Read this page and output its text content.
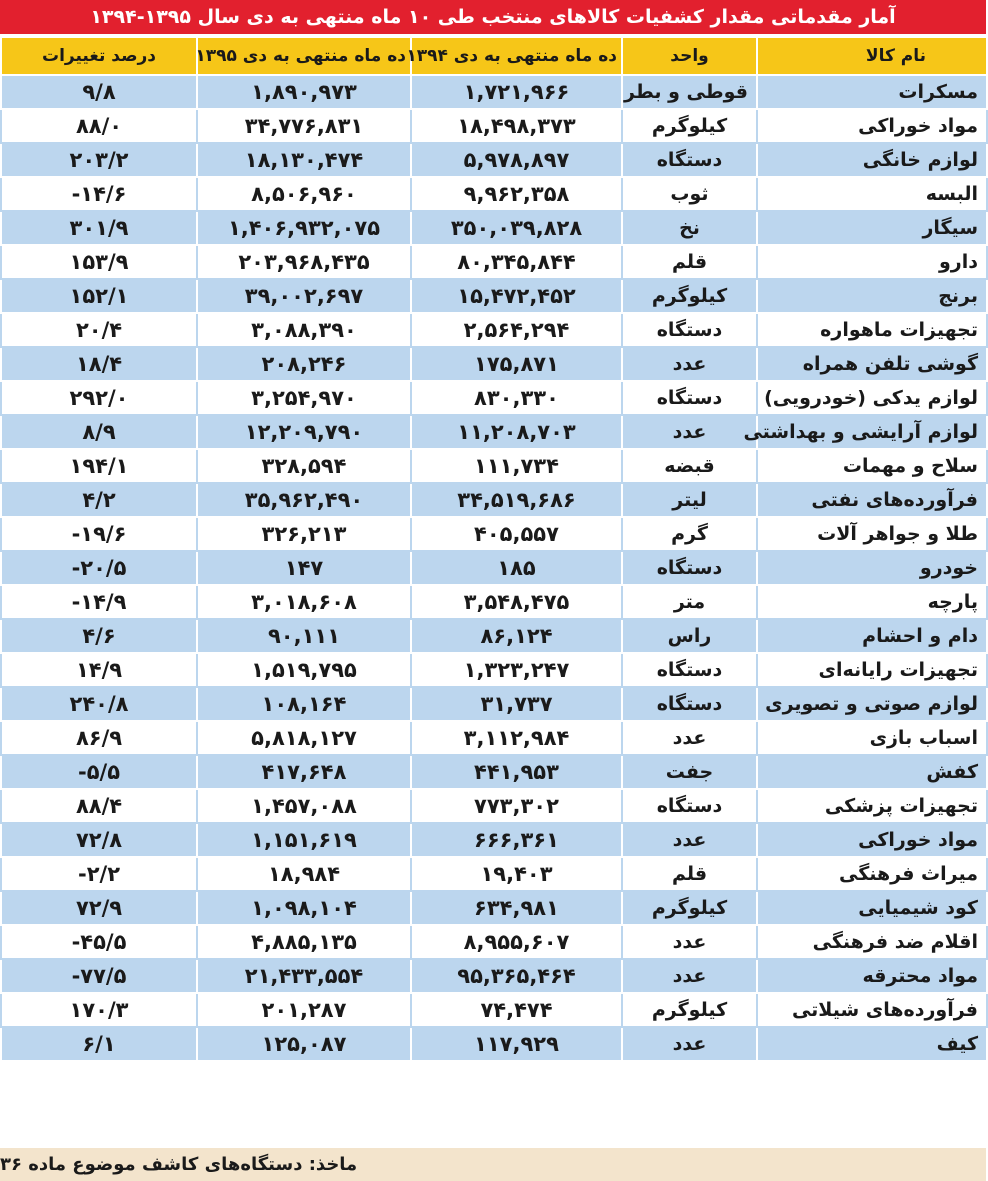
آمار مقدماتی مقدار کشفیات کالاهای منتخب طی ۱۰ ماه منتهی به دی سال ۱۳۹۵-۱۳۹۴
نام کالا	واحد	ده ماه منتهی به دی ۱۳۹۴	ده ماه منتهی به دی ۱۳۹۵	درصد تغییرات
مسکرات	قوطی و بطر	۱,۷۲۱,۹۶۶	۱,۸۹۰,۹۷۳	۹/۸
مواد خوراکی	کیلوگرم	۱۸,۴۹۸,۳۷۳	۳۴,۷۷۶,۸۳۱	۸۸/۰
لوازم خانگی	دستگاه	۵,۹۷۸,۸۹۷	۱۸,۱۳۰,۴۷۴	۲۰۳/۲
البسه	ثوب	۹,۹۶۲,۳۵۸	۸,۵۰۶,۹۶۰	-۱۴/۶
سیگار	نخ	۳۵۰,۰۳۹,۸۲۸	۱,۴۰۶,۹۳۲,۰۷۵	۳۰۱/۹
دارو	قلم	۸۰,۳۴۵,۸۴۴	۲۰۳,۹۶۸,۴۳۵	۱۵۳/۹
برنج	کیلوگرم	۱۵,۴۷۲,۴۵۲	۳۹,۰۰۲,۶۹۷	۱۵۲/۱
تجهیزات ماهواره	دستگاه	۲,۵۶۴,۲۹۴	۳,۰۸۸,۳۹۰	۲۰/۴
گوشی تلفن همراه	عدد	۱۷۵,۸۷۱	۲۰۸,۲۴۶	۱۸/۴
لوازم یدکی (خودرویی)	دستگاه	۸۳۰,۳۳۰	۳,۲۵۴,۹۷۰	۲۹۲/۰
لوازم آرایشی و بهداشتی	عدد	۱۱,۲۰۸,۷۰۳	۱۲,۲۰۹,۷۹۰	۸/۹
سلاح و مهمات	قبضه	۱۱۱,۷۳۴	۳۲۸,۵۹۴	۱۹۴/۱
فرآورده‌های نفتی	لیتر	۳۴,۵۱۹,۶۸۶	۳۵,۹۶۲,۴۹۰	۴/۲
طلا و جواهر آلات	گرم	۴۰۵,۵۵۷	۳۲۶,۲۱۳	-۱۹/۶
خودرو	دستگاه	۱۸۵	۱۴۷	-۲۰/۵
پارچه	متر	۳,۵۴۸,۴۷۵	۳,۰۱۸,۶۰۸	-۱۴/۹
دام و احشام	راس	۸۶,۱۲۴	۹۰,۱۱۱	۴/۶
تجهیزات رایانه‌ای	دستگاه	۱,۳۲۳,۲۴۷	۱,۵۱۹,۷۹۵	۱۴/۹
لوازم صوتی و تصویری	دستگاه	۳۱,۷۳۷	۱۰۸,۱۶۴	۲۴۰/۸
اسباب بازی	عدد	۳,۱۱۲,۹۸۴	۵,۸۱۸,۱۲۷	۸۶/۹
کفش	جفت	۴۴۱,۹۵۳	۴۱۷,۶۴۸	-۵/۵
تجهیزات پزشکی	دستگاه	۷۷۳,۳۰۲	۱,۴۵۷,۰۸۸	۸۸/۴
مواد خوراکی	عدد	۶۶۶,۳۶۱	۱,۱۵۱,۶۱۹	۷۲/۸
میراث فرهنگی	قلم	۱۹,۴۰۳	۱۸,۹۸۴	-۲/۲
کود شیمیایی	کیلوگرم	۶۳۴,۹۸۱	۱,۰۹۸,۱۰۴	۷۲/۹
اقلام ضد فرهنگی	عدد	۸,۹۵۵,۶۰۷	۴,۸۸۵,۱۳۵	-۴۵/۵
مواد محترقه	عدد	۹۵,۳۶۵,۴۶۴	۲۱,۴۳۳,۵۵۴	-۷۷/۵
فرآورده‌های شیلاتی	کیلوگرم	۷۴,۴۷۴	۲۰۱,۲۸۷	۱۷۰/۳
کیف	عدد	۱۱۷,۹۲۹	۱۲۵,۰۸۷	۶/۱
ماخذ: دستگاه‌های کاشف موضوع ماده ۳۶
